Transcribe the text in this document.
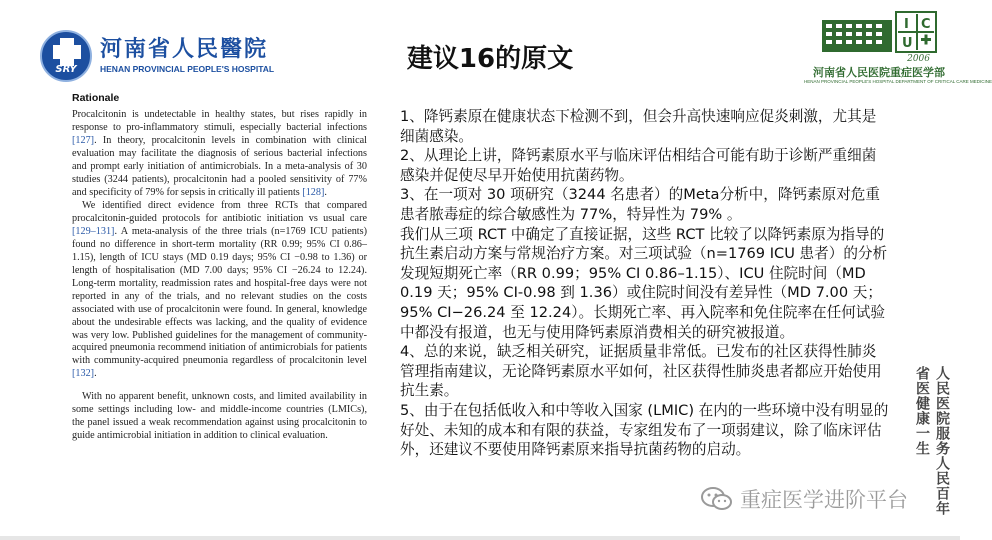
SRY
河南省人民醫院
HENAN PROVINCIAL PEOPLE'S HOSPITAL	建议16的原文
I C
U
2006
河南省人民医院重症医学部
HENAN PROVINCIAL PEOPLE'S HOSPITAL DEPARTMENT OF CRITICAL CARE MEDICINE
Rationale

Procalcitonin is undetectable in healthy states, but rises rapidly in response to pro-inflammatory stimuli, especially bacterial infections [127]. In theory, procalcitonin levels in combination with clinical evaluation may facilitate the diagnosis of serious bacterial infections and prompt early initiation of antimicrobials. In a meta-analysis of 30 studies (3244 patients), procalcitonin had a pooled sensitivity of 77% and specificity of 79% for sepsis in critically ill patients [128].

We identified direct evidence from three RCTs that compared procalcitonin-guided protocols for antibiotic initiation vs usual care [129–131]. A meta-analysis of the three trials (n=1769 ICU patients) found no difference in short-term mortality (RR 0.99; 95% CI 0.86–1.15), length of ICU stays (MD 0.19 days; 95% CI −0.98 to 1.36) or length of hospitalisation (MD 7.00 days; 95% CI −26.24 to 12.24). Long-term mortality, readmission rates and hospital-free days were not reported in any of the trials, and no relevant studies on the costs associated with use of procalcitonin were found. In general, knowledge about the undesirable effects was lacking, and the quality of evidence was very low. Published guidelines for the management of community-acquired pneumonia recommend initiation of antimicrobials for patients with community-acquired pneumonia regardless of procalcitonin level [132].

With no apparent benefit, unknown costs, and limited availability in some settings including low- and middle-income countries (LMICs), the panel issued a weak recommendation against using procalcitonin to guide antimicrobial initiation in addition to clinical evaluation.

1、降钙素原在健康状态下检测不到，但会升高快速响应促炎刺激，尤其是细菌感染。

2、从理论上讲，降钙素原水平与临床评估相结合可能有助于诊断严重细菌感染并促使尽早开始使用抗菌药物。

3、在一项对 30 项研究（3244 名患者）的Meta分析中，降钙素原对危重患者脓毒症的综合敏感性为 77%，特异性为 79% 。

我们从三项 RCT 中确定了直接证据，这些 RCT 比较了以降钙素原为指导的抗生素启动方案与常规治疗方案。对三项试验（n=1769 ICU 患者）的分析发现短期死亡率（RR 0.99；95% CI 0.86–1.15）、ICU 住院时间（MD 0.19 天；95% CI-0.98 到 1.36）或住院时间没有差异性（MD 7.00 天；95% CI−26.24 至 12.24）。长期死亡率、再入院率和免住院率在任何试验中都没有报道，也无与使用降钙素原消费相关的研究被报道。

4、总的来说，缺乏相关研究，证据质量非常低。已发布的社区获得性肺炎管理指南建议，无论降钙素原水平如何，社区获得性肺炎患者都应开始使用抗生素。

5、由于在包括低收入和中等收入国家 (LMIC) 在内的一些环境中没有明显的好处、未知的成本和有限的获益，专家组发布了一项弱建议，除了临床评估外，还建议不要使用降钙素原来指导抗菌药物的启动。	人民医院服务人民百年省医健康一生
重症医学进阶平台
